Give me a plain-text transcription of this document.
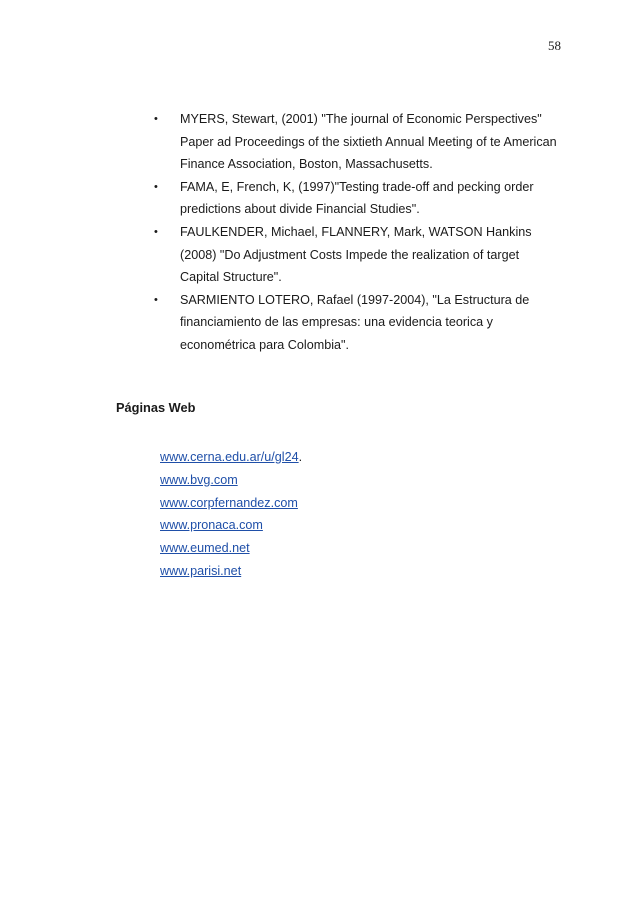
58
• MYERS, Stewart, (2001) "The journal of Economic Perspectives" Paper ad Proceedings of the sixtieth Annual Meeting of te American Finance Association, Boston, Massachusetts.
• FAMA, E, French, K, (1997)"Testing trade-off and pecking order predictions about divide Financial Studies".
• FAULKENDER, Michael, FLANNERY, Mark, WATSON Hankins (2008) "Do Adjustment Costs Impede the realization of target Capital Structure".
• SARMIENTO LOTERO, Rafael (1997-2004), "La Estructura de financiamiento de las empresas: una evidencia teorica y econométrica para Colombia".
Páginas Web
www.cerna.edu.ar/u/gl24.
www.bvg.com
www.corpfernandez.com
www.pronaca.com
www.eumed.net
www.parisi.net
